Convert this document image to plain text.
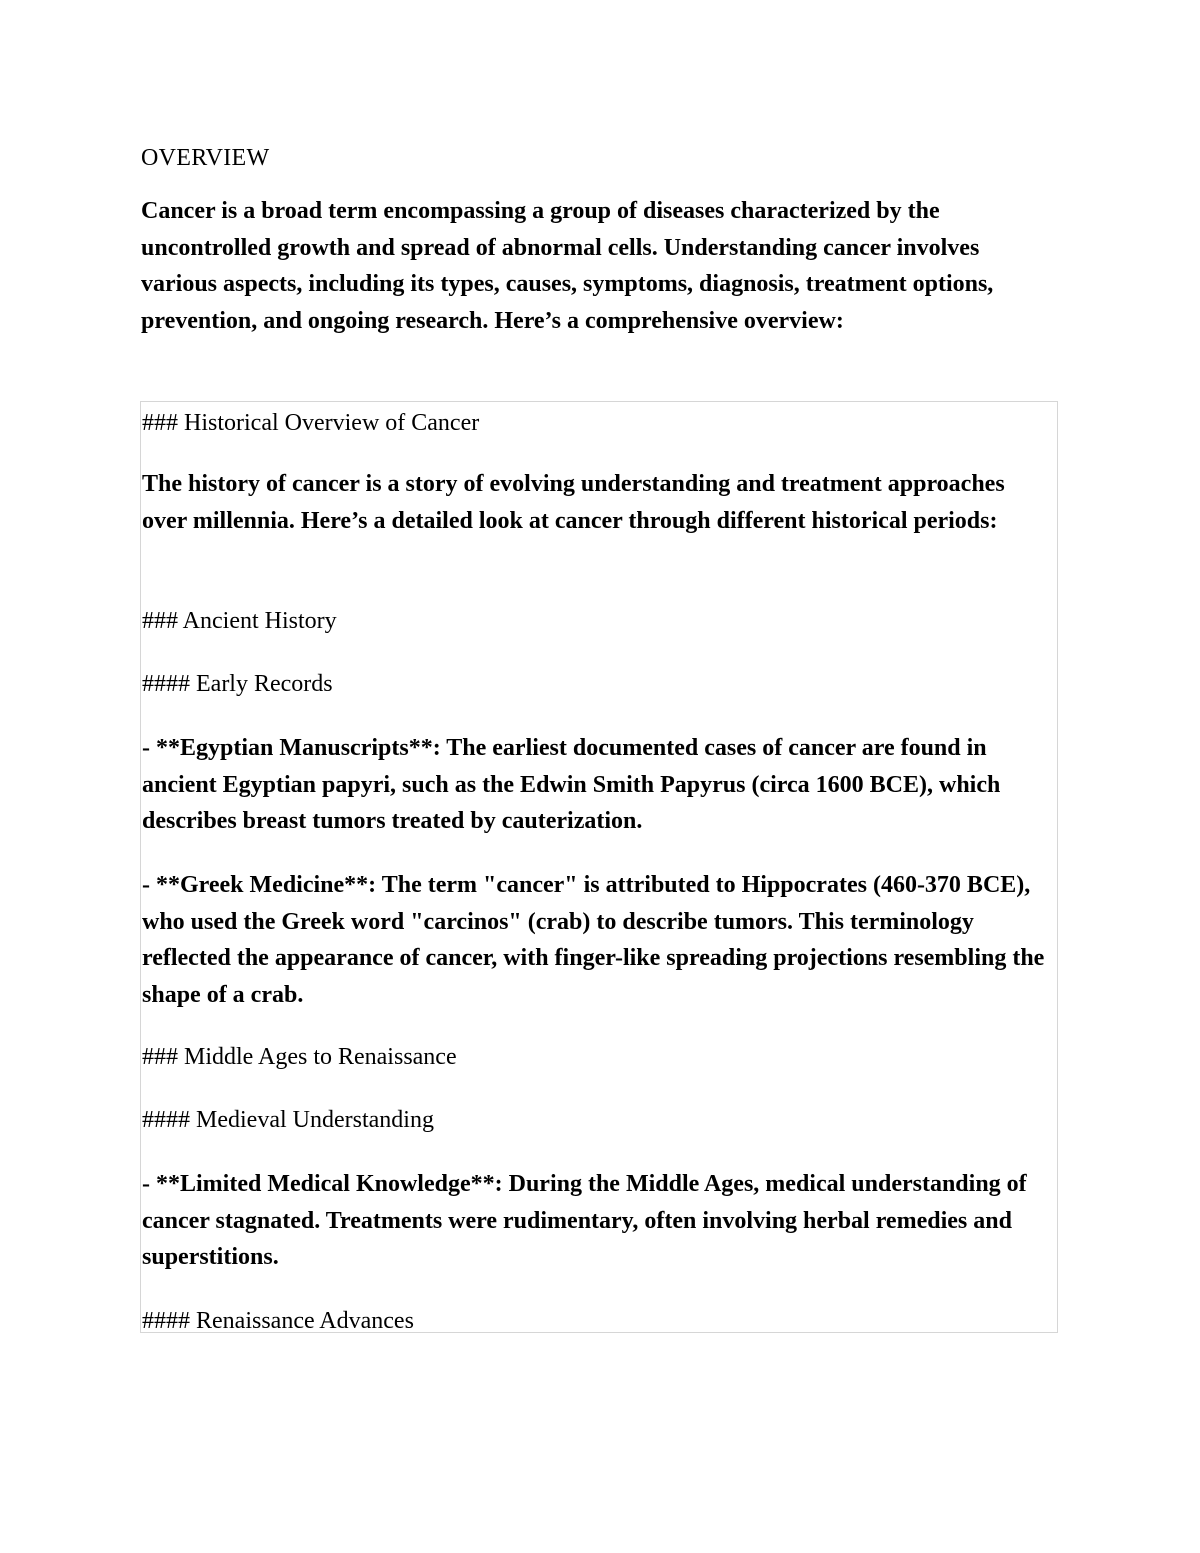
OVERVIEW

Cancer is a broad term encompassing a group of diseases characterized by the uncontrolled growth and spread of abnormal cells. Understanding cancer involves various aspects, including its types, causes, symptoms, diagnosis, treatment options, prevention, and ongoing research. Here’s a comprehensive overview:

### Historical Overview of Cancer

The history of cancer is a story of evolving understanding and treatment approaches over millennia. Here’s a detailed look at cancer through different historical periods:

### Ancient History

#### Early Records

- **Egyptian Manuscripts**: The earliest documented cases of cancer are found in ancient Egyptian papyri, such as the Edwin Smith Papyrus (circa 1600 BCE), which describes breast tumors treated by cauterization.

- **Greek Medicine**: The term "cancer" is attributed to Hippocrates (460-370 BCE), who used the Greek word "carcinos" (crab) to describe tumors. This terminology reflected the appearance of cancer, with finger-like spreading projections resembling the shape of a crab.

### Middle Ages to Renaissance

#### Medieval Understanding

- **Limited Medical Knowledge**: During the Middle Ages, medical understanding of cancer stagnated. Treatments were rudimentary, often involving herbal remedies and superstitions.

#### Renaissance Advances
